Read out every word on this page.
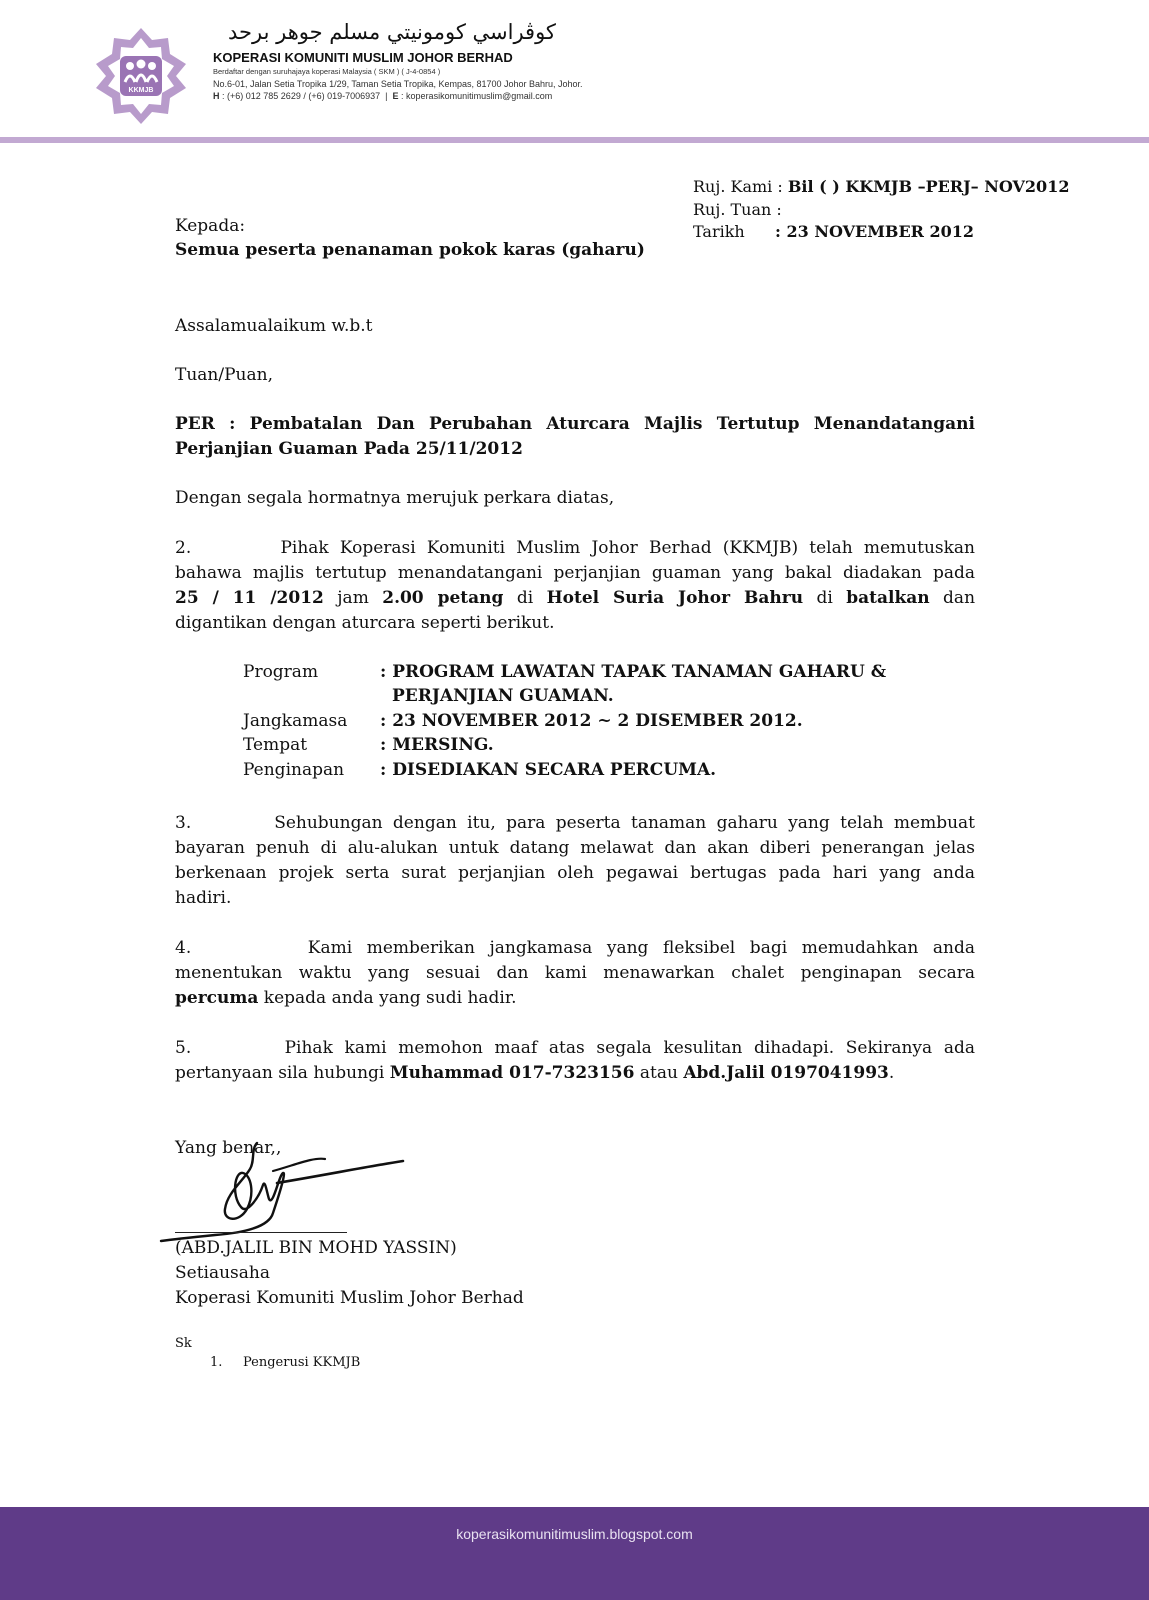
KKMJB
كوڤراسي كومونيتي مسلم جوهر برحد
KOPERASI KOMUNITI MUSLIM JOHOR BERHAD
Berdaftar dengan suruhajaya koperasi Malaysia ( SKM ) ( J-4-0854 )
No.6-01, Jalan Setia Tropika 1/29, Taman Setia Tropika, Kempas, 81700 Johor Bahru, Johor.
H : (+6) 012 785 2629 / (+6) 019-7006937 | E : koperasikomunitimuslim@gmail.com
Ruj. Kami : Bil ( ) KKMJB –PERJ– NOV2012
Ruj. Tuan :
Tarikh : 23 NOVEMBER 2012
Kepada:
Semua peserta penanaman pokok karas (gaharu)
Assalamualaikum w.b.t
Tuan/Puan,
PER : Pembatalan Dan Perubahan Aturcara Majlis Tertutup Menandatangani
Perjanjian Guaman Pada 25/11/2012
Dengan segala hormatnya merujuk perkara diatas,
2.        Pihak Koperasi Komuniti Muslim Johor Berhad (KKMJB) telah memutuskan
bahawa majlis tertutup menandatangani perjanjian guaman yang bakal diadakan pada
25 / 11 /2012 jam 2.00 petang di Hotel Suria Johor Bahru di batalkan dan
digantikan dengan aturcara seperti berikut.
Program	: PROGRAM LAWATAN TAPAK TANAMAN GAHARU &
PERJANJIAN GUAMAN.
Jangkamasa : 23 NOVEMBER 2012 ~ 2 DISEMBER 2012.
Tempat	: MERSING.
Penginapan : DISEDIAKAN SECARA PERCUMA.
3.        Sehubungan dengan itu, para peserta tanaman gaharu yang telah membuat
bayaran penuh di alu-alukan untuk datang melawat dan akan diberi penerangan jelas
berkenaan projek serta surat perjanjian oleh pegawai bertugas pada hari yang anda
hadiri.
4.        Kami memberikan jangkamasa yang fleksibel bagi memudahkan anda
menentukan waktu yang sesuai dan kami menawarkan chalet penginapan secara
percuma kepada anda yang sudi hadir.
5.        Pihak kami memohon maaf atas segala kesulitan dihadapi. Sekiranya ada
pertanyaan sila hubungi Muhammad 017-7323156 atau Abd.Jalil 0197041993.
Yang benar,,
(ABD.JALIL BIN MOHD YASSIN)
Setiausaha
Koperasi Komuniti Muslim Johor Berhad
Sk
1. Pengerusi KKMJB
koperasikomunitimuslim.blogspot.com
